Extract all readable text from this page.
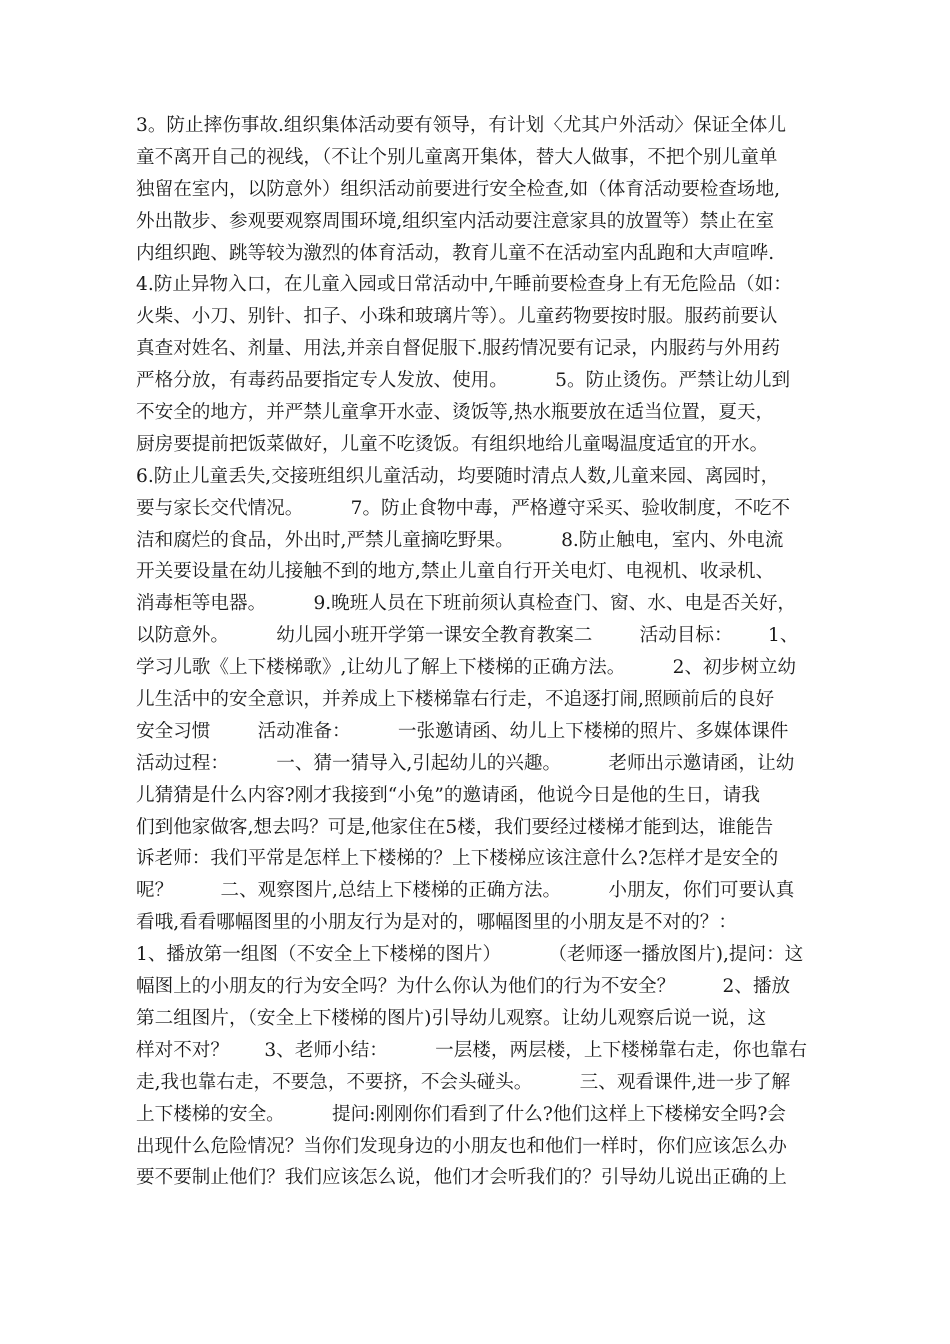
3。防止摔伤事故.组织集体活动要有领导，有计划〈尤其户外活动〉保证全体儿
童不离开自己的视线，（不让个别儿童离开集体，替大人做事，不把个别儿童单
独留在室内，以防意外）组织活动前要进行安全检查,如（体育活动要检查场地,
外出散步、参观要观察周围环境,组织室内活动要注意家具的放置等）禁止在室
内组织跑、跳等较为激烈的体育活动，教育儿童不在活动室内乱跑和大声喧哗.
4.防止异物入口，在儿童入园或日常活动中,午睡前要检查身上有无危险品（如：
火柴、小刀、别针、扣子、小珠和玻璃片等）。儿童药物要按时服。服药前要认
真查对姓名、剂量、用法,并亲自督促服下.服药情况要有记录，内服药与外用药
严格分放，有毒药品要指定专人发放、使用。        5。防止烫伤。严禁让幼儿到
不安全的地方，并严禁儿童拿开水壶、烫饭等,热水瓶要放在适当位置，夏天，
厨房要提前把饭菜做好，儿童不吃烫饭。有组织地给儿童喝温度适宜的开水。
6.防止儿童丢失,交接班组织儿童活动，均要随时清点人数,儿童来园、离园时，
要与家长交代情况。        7。防止食物中毒，严格遵守采买、验收制度，不吃不
洁和腐烂的食品，外出时,严禁儿童摘吃野果。        8.防止触电，室内、外电流
开关要设量在幼儿接触不到的地方,禁止儿童自行开关电灯、电视机、收录机、
消毒柜等电器。        9.晚班人员在下班前须认真检查门、窗、水、电是否关好，
以防意外。        幼儿园小班开学第一课安全教育教案二        活动目标：      1、
学习儿歌《上下楼梯歌》,让幼儿了解上下楼梯的正确方法。        2、初步树立幼
儿生活中的安全意识，并养成上下楼梯靠右行走，不追逐打闹,照顾前后的良好
安全习惯        活动准备：        一张邀请函、幼儿上下楼梯的照片、多媒体课件
活动过程：        一、猜一猜导入,引起幼儿的兴趣。        老师出示邀请函，让幼
儿猜猜是什么内容?刚才我接到“小兔”的邀请函，他说今日是他的生日，请我
们到他家做客,想去吗？可是,他家住在5楼，我们要经过楼梯才能到达，谁能告
诉老师：我们平常是怎样上下楼梯的？上下楼梯应该注意什么?怎样才是安全的
呢？        二、观察图片,总结上下楼梯的正确方法。        小朋友，你们可要认真
看哦,看看哪幅图里的小朋友行为是对的，哪幅图里的小朋友是不对的？：
1、播放第一组图（不安全上下楼梯的图片）        （老师逐一播放图片),提问：这
幅图上的小朋友的行为安全吗？为什么你认为他们的行为不安全？        2、播放
第二组图片，（安全上下楼梯的图片)引导幼儿观察。让幼儿观察后说一说，这
样对不对？      3、老师小结：        一层楼，两层楼，上下楼梯靠右走，你也靠右
走,我也靠右走，不要急，不要挤，不会头碰头。        三、观看课件,进一步了解
上下楼梯的安全。        提问:刚刚你们看到了什么?他们这样上下楼梯安全吗?会
出现什么危险情况？当你们发现身边的小朋友也和他们一样时，你们应该怎么办
要不要制止他们？我们应该怎么说，他们才会听我们的？引导幼儿说出正确的上
